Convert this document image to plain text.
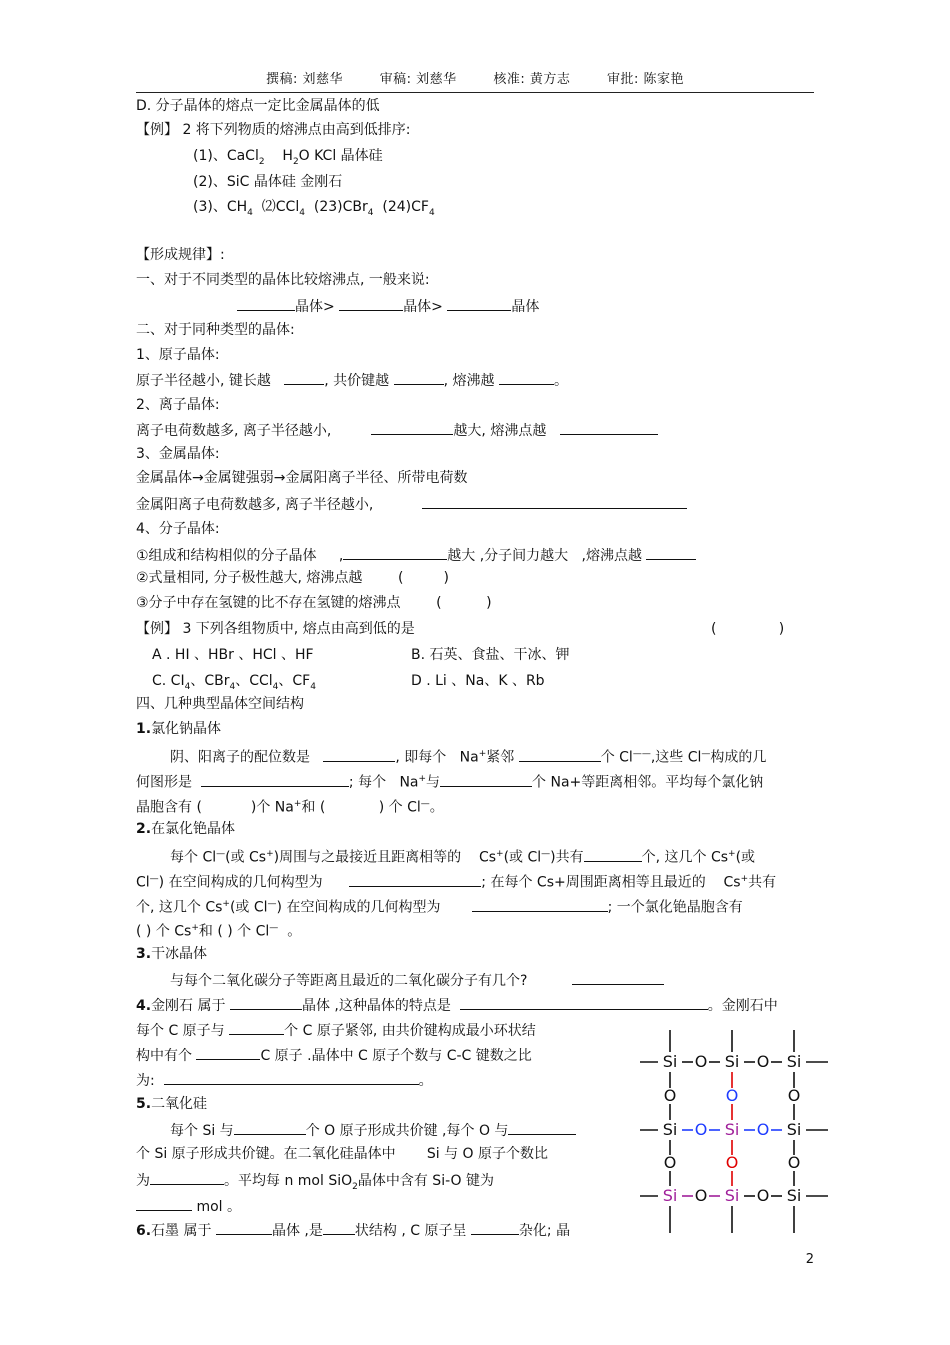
撰稿: 刘慈华	审稿: 刘慈华	核准: 黄方志	审批: 陈家艳
D. 分子晶体的熔点一定比金属晶体的低
【例】 2 将下列物质的熔沸点由高到低排序:
(1)、CaCl$_2$ $H_2O$ KCl 晶体硅
(2)、SiC 晶体硅 金刚石
(3)、$CH_4$ ⑵CCl$_4$ (23)CBr$_4$ $(24)CF_4$
【形成规律】:
一、对于不同类型的晶体比较熔沸点, 一般来说:
晶体>	晶体>	晶体
二、对于同种类型的晶体:
1、原子晶体:
原子半径越小, 键长越	, 共价键越	, 熔沸越	。
2、离子晶体:
离子电荷数越多, 离子半径越小,	越大, 熔沸点越
3、金属晶体:
金属晶体→金属键强弱→金属阳离子半径、所带电荷数
金属阳离子电荷数越多, 离子半径越小,
4、分子晶体:
①组成和结构相似的分子晶体     ,	越大 ,分子间力越大 ,熔沸点越
②式量相同, 分子极性越大, 熔沸点越	(	)
③分子中存在氢键的比不存在氢键的熔沸点	(	)
【例】 3 下列各组物质中, 熔点由高到低的是	(	)
A . HI 、HBr 、HCl 、HF	B. 石英、食盐、干冰、钾
C. $CI_4$、CBr$_4$、CCl$_4$、$CF_4$	D . Li 、Na、K 、Rb
四、几种典型晶体空间结构
1.氯化钠晶体
阴、阳离子的配位数是	, 即每个 Na+紧邻	个 Cl——,这些 Cl—构成的几
何图形是	; 每个 Na+与	个 Na+等距离相邻。平均每个氯化钠
晶胞含有 (	)个 Na+和 (	) 个 Cl—。
2.在氯化铯晶体
每个 Cl—(或 Cs+)周围与之最接近且距离相等的 Cs+(或 Cl—)共有	个, 这几个 Cs+(或
Cl—) 在空间构成的几何构型为	; 在每个 Cs+周围距离相等且最近的 Cs+共有
个, 这几个 Cs+(或 Cl—) 在空间构成的几何构型为	; 一个氯化铯晶胞含有
( ) 个 Cs+和 ( ) 个 Cl— 。
3.干冰晶体
与每个二氧化碳分子等距离且最近的二氧化碳分子有几个?
4.金刚石 属于	晶体 ,这种晶体的特点是	。金刚石中
每个 C 原子与	个 C 原子紧邻, 由共价键构成最小环状结
构中有个	C 原子 .晶体中 C 原子个数与 C-C 键数之比
为:	。
5.二氧化硅
每个 Si 与	个 O 原子形成共价键 ,每个 O 与
个 Si 原子形成共价键。在二氧化硅晶体中 Si 与 O 原子个数比
为	。平均每 n mol SiO$_2$晶体中含有 Si-O 键为
mol 。
6.石墨 属于	晶体 ,是 状结构 , C 原子呈	杂化; 晶
Si	Si	Si
Si	Si	Si
Si	Si	Si
O	O
O	O
O	O
O
O
O
O
O
O
2
